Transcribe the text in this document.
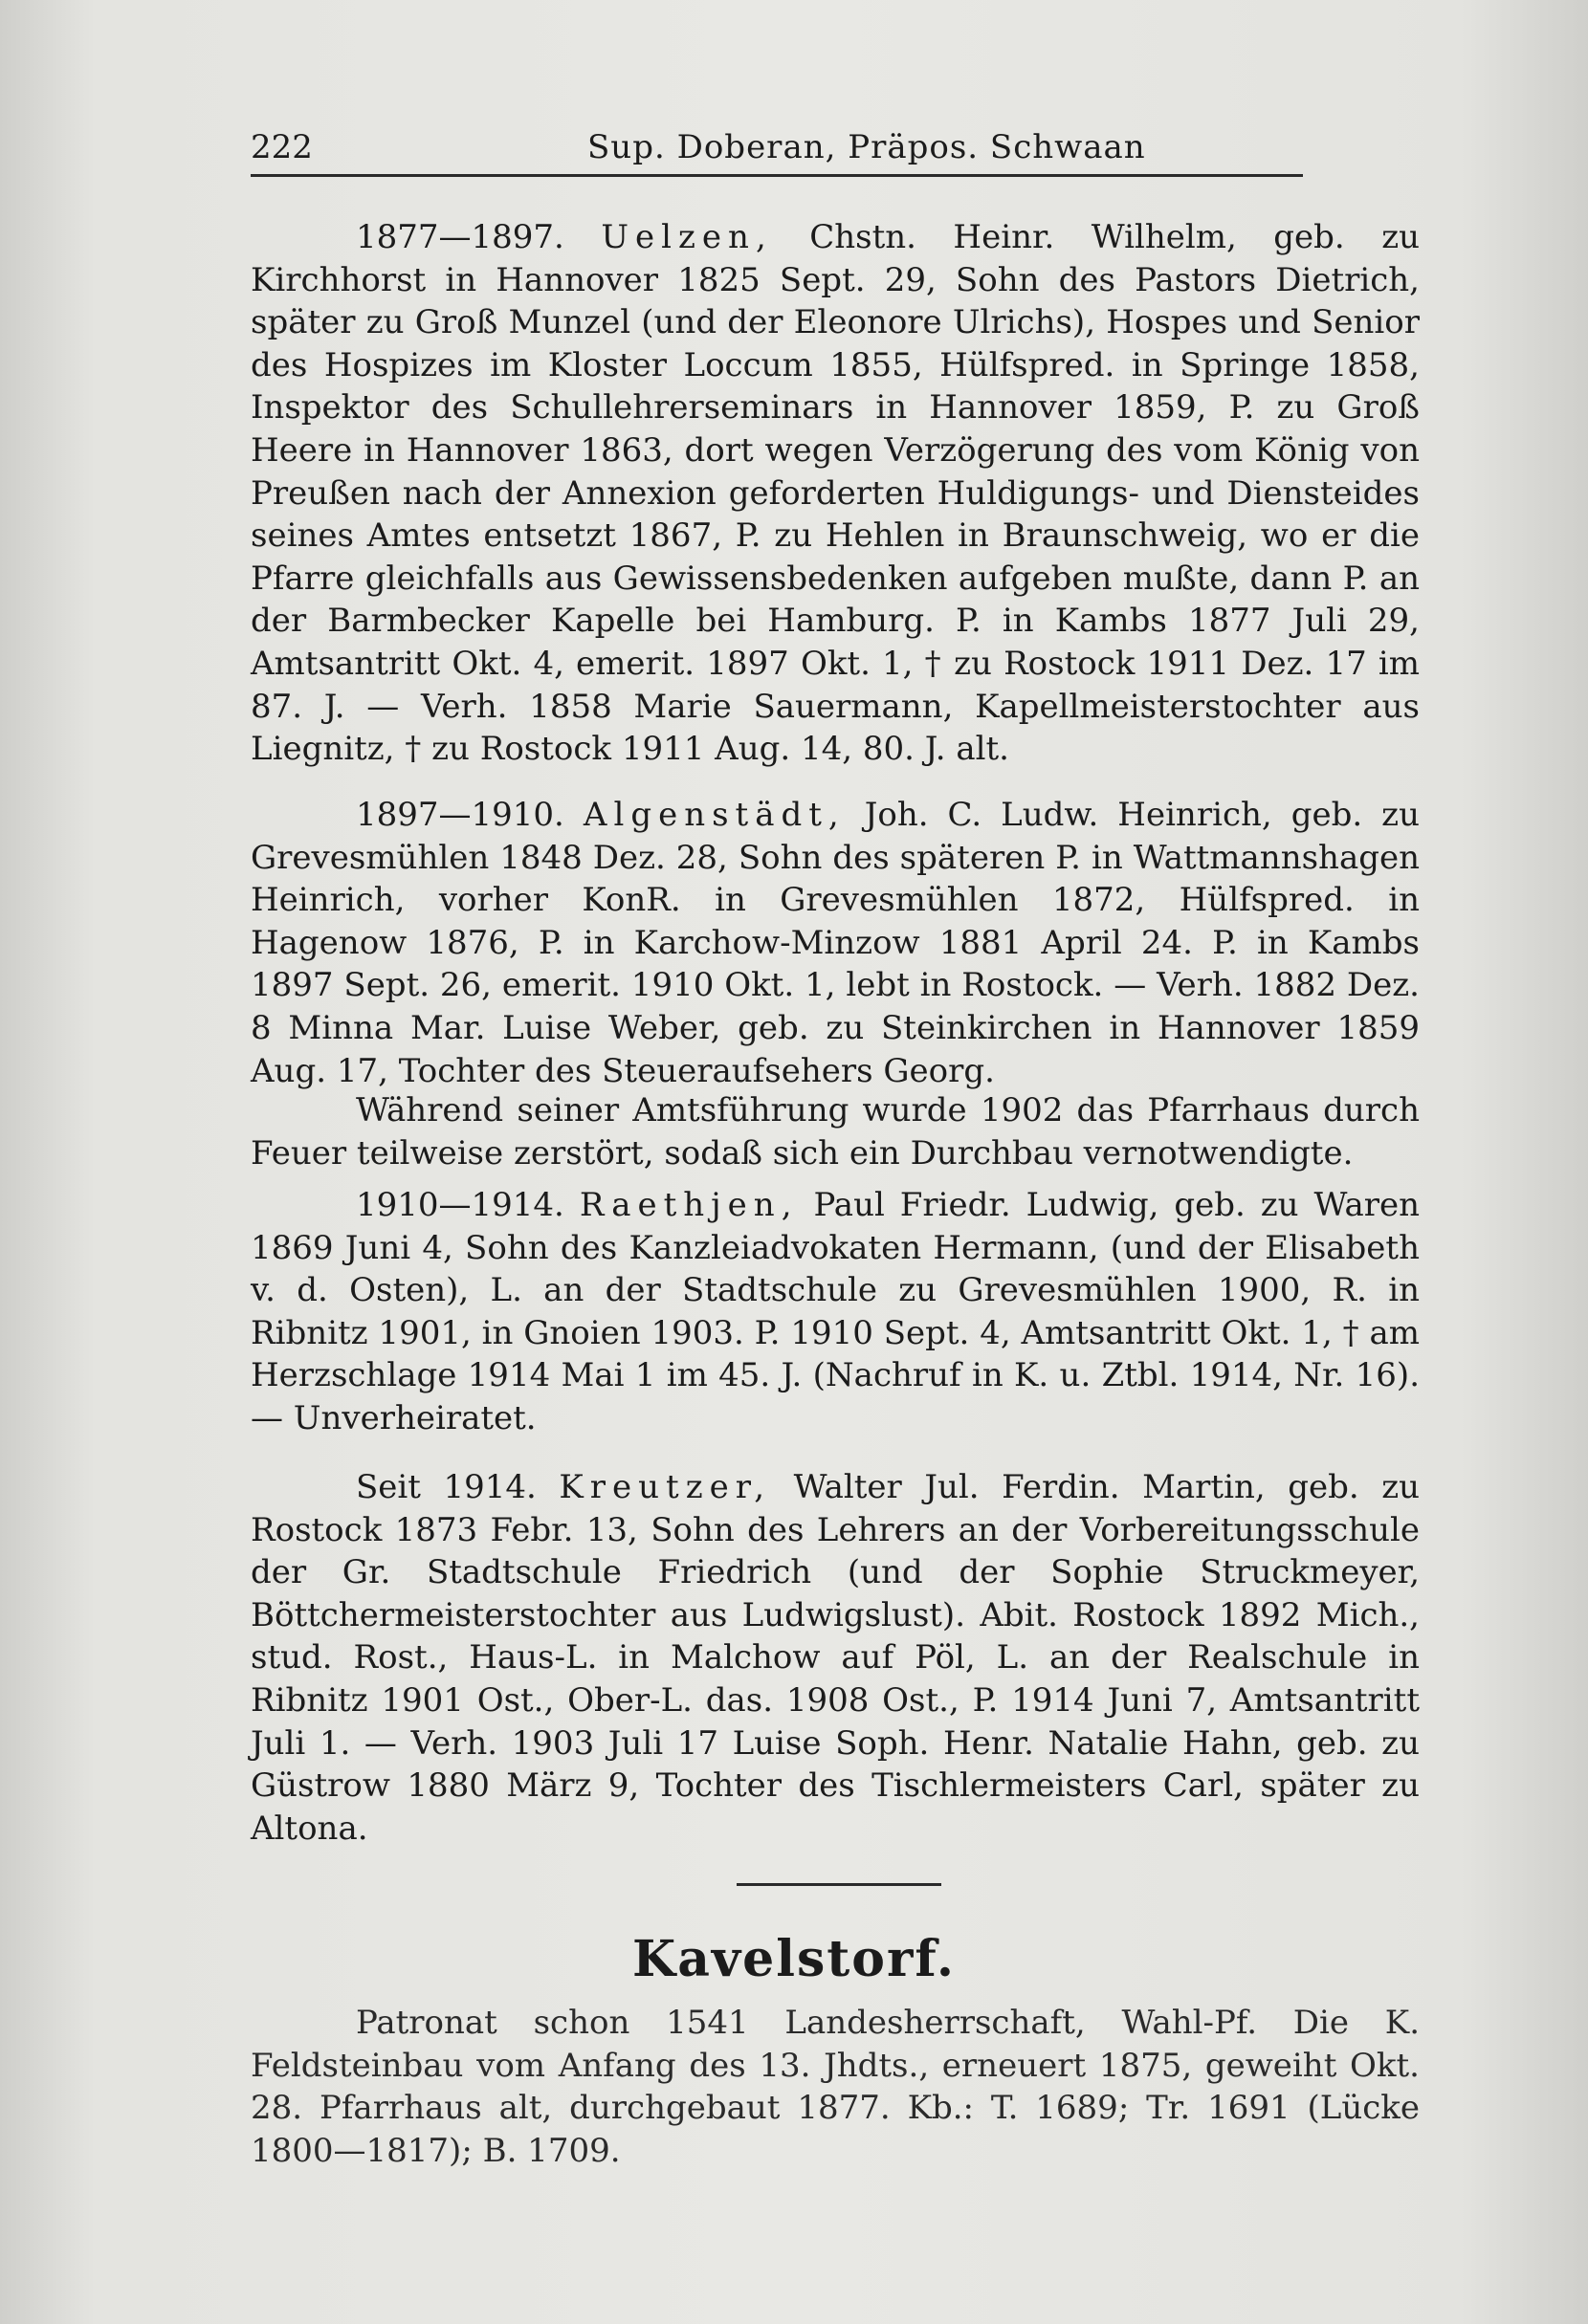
222	Sup. Doberan, Präpos. Schwaan

1877—1897. Uelzen, Chstn. Heinr. Wilhelm, geb. zu Kirchhorst in Hannover 1825 Sept. 29, Sohn des Pastors Dietrich, später zu Groß Munzel (und der Eleonore Ulrichs), Hospes und Senior des Hospizes im Kloster Loccum 1855, Hülfspred. in Springe 1858, Inspektor des Schullehrerseminars in Hannover 1859, P. zu Groß Heere in Hannover 1863, dort wegen Verzögerung des vom König von Preußen nach der Annexion geforderten Huldigungs- und Diensteides seines Amtes entsetzt 1867, P. zu Hehlen in Braunschweig, wo er die Pfarre gleichfalls aus Gewissensbedenken aufgeben mußte, dann P. an der Barmbecker Kapelle bei Hamburg. P. in Kambs 1877 Juli 29, Amtsantritt Okt. 4, emerit. 1897 Okt. 1, † zu Rostock 1911 Dez. 17 im 87. J. — Verh. 1858 Marie Sauermann, Kapellmeisterstochter aus Liegnitz, † zu Rostock 1911 Aug. 14, 80. J. alt.

1897—1910. Algenstädt, Joh. C. Ludw. Heinrich, geb. zu Grevesmühlen 1848 Dez. 28, Sohn des späteren P. in Wattmannshagen Heinrich, vorher KonR. in Grevesmühlen 1872, Hülfspred. in Hagenow 1876, P. in Karchow-Minzow 1881 April 24. P. in Kambs 1897 Sept. 26, emerit. 1910 Okt. 1, lebt in Rostock. — Verh. 1882 Dez. 8 Minna Mar. Luise Weber, geb. zu Steinkirchen in Hannover 1859 Aug. 17, Tochter des Steueraufsehers Georg.

Während seiner Amtsführung wurde 1902 das Pfarrhaus durch Feuer teilweise zerstört, sodaß sich ein Durchbau vernotwendigte.

1910—1914. Raethjen, Paul Friedr. Ludwig, geb. zu Waren 1869 Juni 4, Sohn des Kanzleiadvokaten Hermann, (und der Elisabeth v. d. Osten), L. an der Stadtschule zu Grevesmühlen 1900, R. in Ribnitz 1901, in Gnoien 1903. P. 1910 Sept. 4, Amtsantritt Okt. 1, † am Herzschlage 1914 Mai 1 im 45. J. (Nachruf in K. u. Ztbl. 1914, Nr. 16). — Unverheiratet.

Seit 1914. Kreutzer, Walter Jul. Ferdin. Martin, geb. zu Rostock 1873 Febr. 13, Sohn des Lehrers an der Vorbereitungsschule der Gr. Stadtschule Friedrich (und der Sophie Struckmeyer, Böttchermeisterstochter aus Ludwigslust). Abit. Rostock 1892 Mich., stud. Rost., Haus-L. in Malchow auf Pöl, L. an der Realschule in Ribnitz 1901 Ost., Ober-L. das. 1908 Ost., P. 1914 Juni 7, Amtsantritt Juli 1. — Verh. 1903 Juli 17 Luise Soph. Henr. Natalie Hahn, geb. zu Güstrow 1880 März 9, Tochter des Tischlermeisters Carl, später zu Altona.

Kavelstorf.

Patronat schon 1541 Landesherrschaft, Wahl-Pf. Die K. Feldsteinbau vom Anfang des 13. Jhdts., erneuert 1875, geweiht Okt. 28. Pfarrhaus alt, durchgebaut 1877. Kb.: T. 1689; Tr. 1691 (Lücke 1800—1817); B. 1709.
